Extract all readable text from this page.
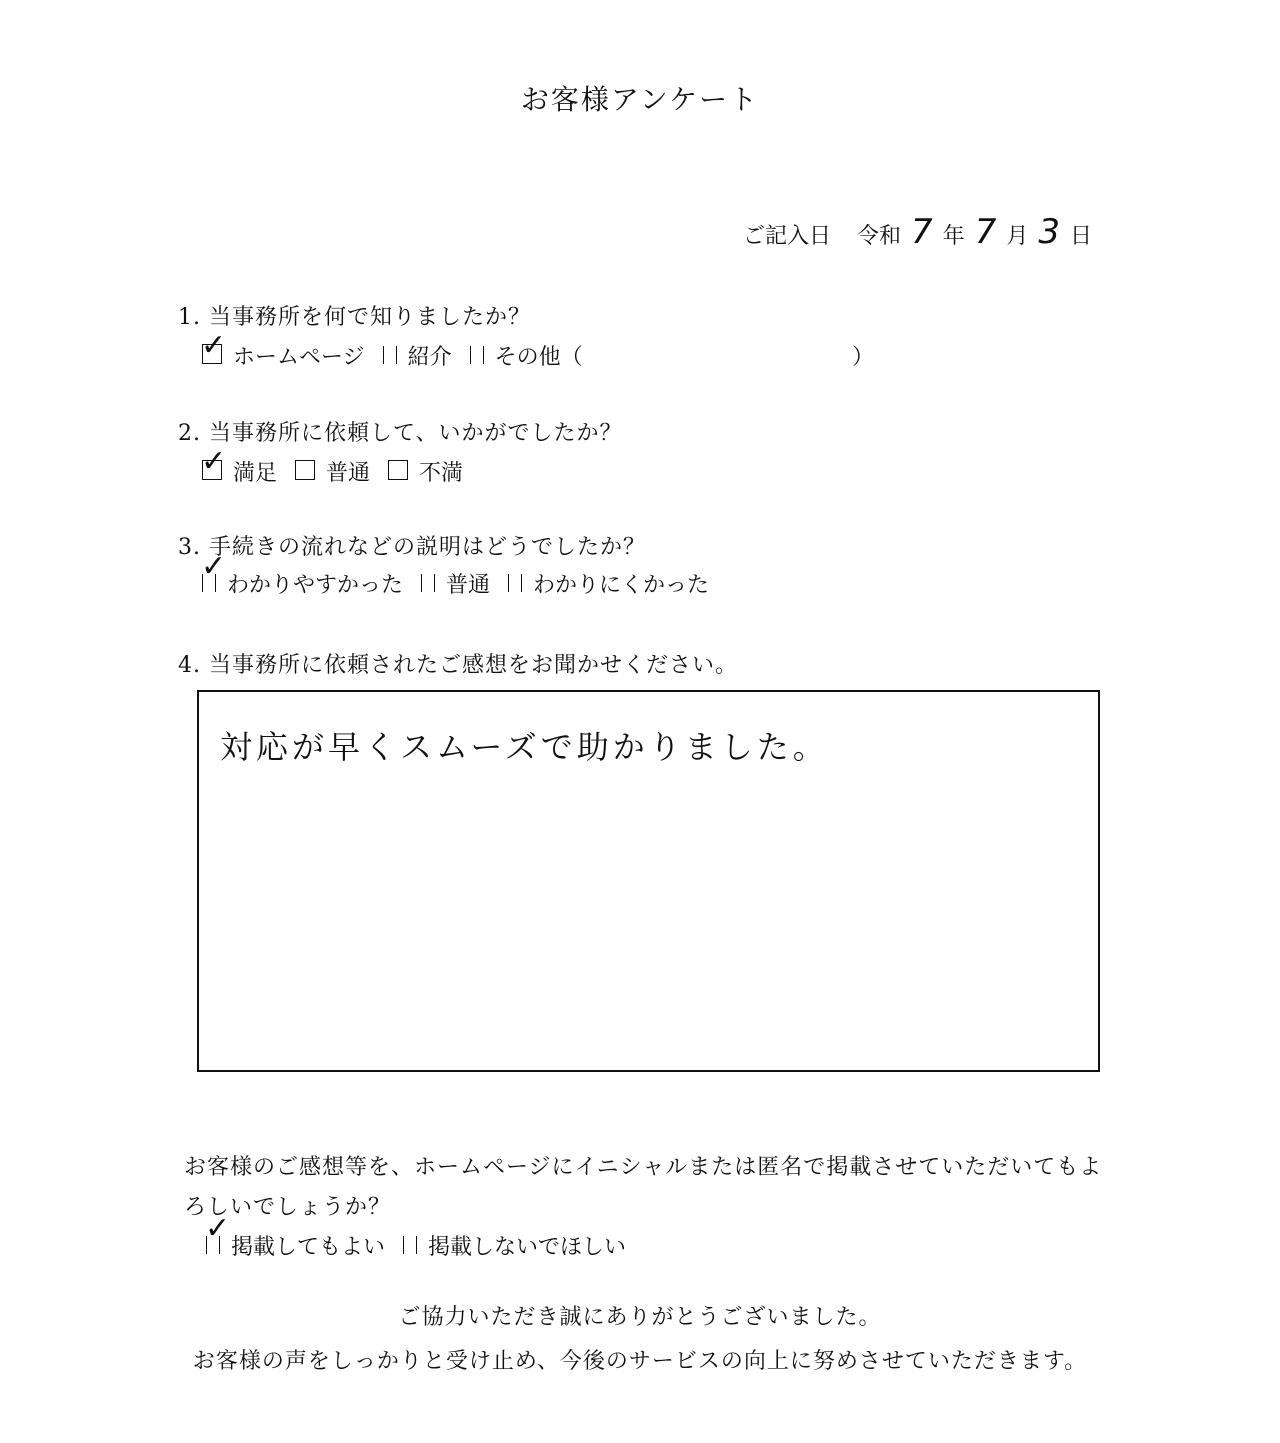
お客様アンケート
ご記入日 令和 7 年 7 月 3 日
1. 当事務所を何で知りましたか？
✓ ホームページ	紹介	その他（	）
2. 当事務所に依頼して、いかがでしたか？
✓ 満足	普通	不満
3. 手続きの流れなどの説明はどうでしたか？
✓
わかりやすかった	普通	わかりにくかった
4. 当事務所に依頼されたご感想をお聞かせください。
対応が早くスムーズで助かりました。
お客様のご感想等を、ホームページにイニシャルまたは匿名で掲載させていただいてもよ
ろしいでしょうか？
✓
掲載してもよい	掲載しないでほしい
ご協力いただき誠にありがとうございました。
お客様の声をしっかりと受け止め、今後のサービスの向上に努めさせていただきます。
